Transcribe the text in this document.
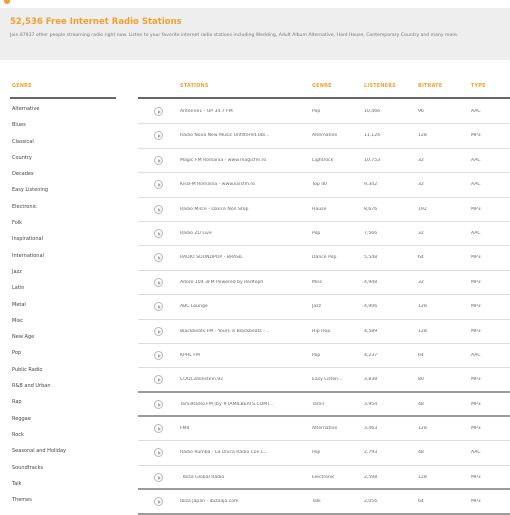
52,536 Free Internet Radio Stations

Join 87937 other people streaming radio right now. Listen to your favorite internet radio stations including Wedding, Adult Album Alternative, Hard House, Contemporary Country and many more.

GENRE
Alternative
Blues
Classical
Country
Decades
Easy Listening
Electronic
Folk
Inspirational
International
Jazz
Latin
Metal
Misc
New Age
Pop
Public Radio
R&B and Urban
Rap
Reggae
Rock
Seasonal and Holiday
Soundtracks
Talk
Themes
STATIONS	GENRE	LISTENERS	BITRATE	TYPE
Antenne1 - UP 34.7 FM	Pop	10,466	96	AAC
Radio Nova New Music Unfiltered.Ubi...	Alternative	11,124	128	MP3
Magic FM Romania - www.magicfm.ro	Lightrock	10,753	32	AAC
KissFM Romania - www.kissfm.ro	Top 40	9,342	32	AAC
Radio Mirce - Dance Non Stop	House	8,676	192	MP3
Radio ZU Live	Pop	7,566	32	AAC
RADIO SOUNDPOP - BRASIL	Dance Pop	5,548	64	MP3
Adore 104.3FM Powered by Redtoph	Misc	4,948	32	MP3
ABC Lounge	Jazz	4,906	128	MP3
Blackbeats.FM - Yours is Blackbeats -...	Hip Hop	4,589	128	MP3
KPHL FM	Pop	4,237	64	AAC
COOL3donstein.92	Easy Listen...	3,838	80	MP3
TamilRadio.FM (by #TAMILBEATS.COM)...	Tamil	3,954	48	MP3
FM4	Alternative	3,463	128	MP3
Radio Rumba - La Unica Radio Con L...	Pop	2,793	48	AAC
. Ibiza Global Radio	Electronic	2,598	128	MP3
Ibiza Japan - ibizaaja.com	Talk	2,056	64	MP3
